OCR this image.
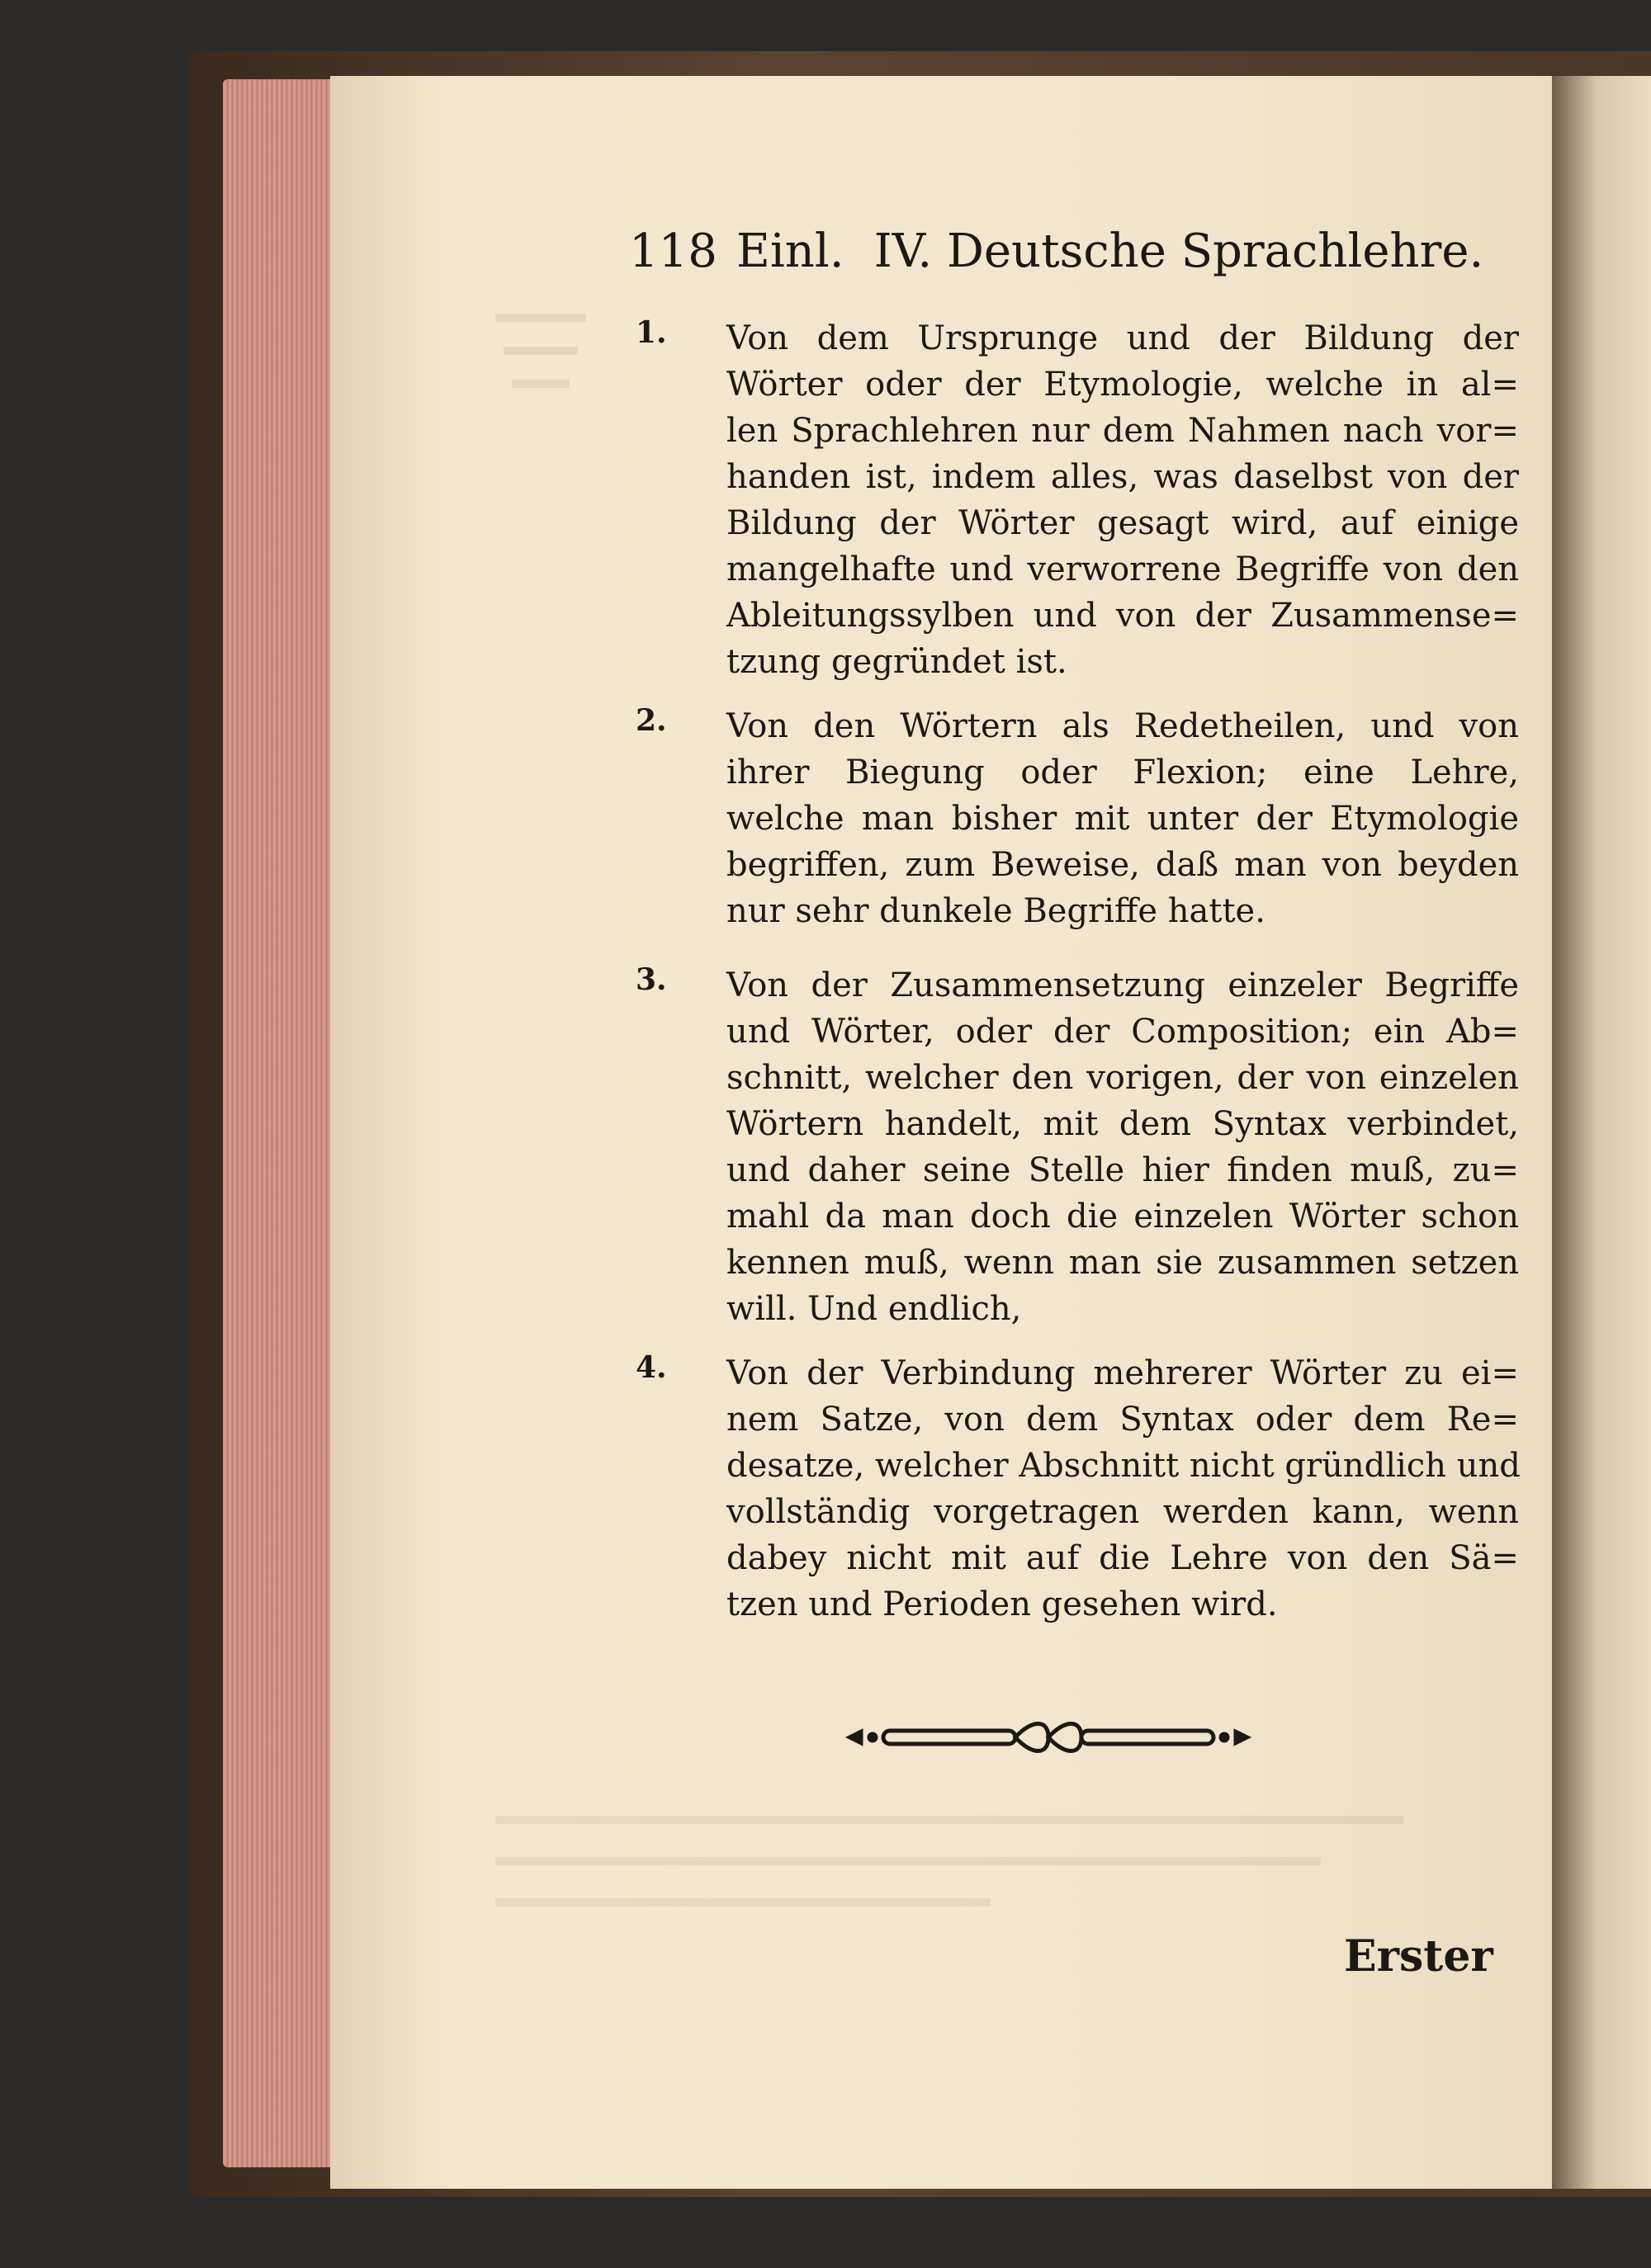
118 Einl. IV. Deutsche Sprachlehre.
1.	Von dem Ursprunge und der Bildung der
Wörter oder der Etymologie, welche in al=
len Sprachlehren nur dem Nahmen nach vor=
handen ist, indem alles, was daselbst von der
Bildung der Wörter gesagt wird, auf einige
mangelhafte und verworrene Begriffe von den
Ableitungssylben und von der Zusammense=
tzung gegründet ist.
2.	Von den Wörtern als Redetheilen, und von
ihrer Biegung oder Flexion; eine Lehre,
welche man bisher mit unter der Etymologie
begriffen, zum Beweise, daß man von beyden
nur sehr dunkele Begriffe hatte.
3.	Von der Zusammensetzung einzeler Begriffe
und Wörter, oder der Composition; ein Ab=
schnitt, welcher den vorigen, der von einzelen
Wörtern handelt, mit dem Syntax verbindet,
und daher seine Stelle hier finden muß, zu=
mahl da man doch die einzelen Wörter schon
kennen muß, wenn man sie zusammen setzen
will. Und endlich,
4.	Von der Verbindung mehrerer Wörter zu ei=
nem Satze, von dem Syntax oder dem Re=
desatze, welcher Abschnitt nicht gründlich und
vollständig vorgetragen werden kann, wenn
dabey nicht mit auf die Lehre von den Sä=
tzen und Perioden gesehen wird.
Erster
